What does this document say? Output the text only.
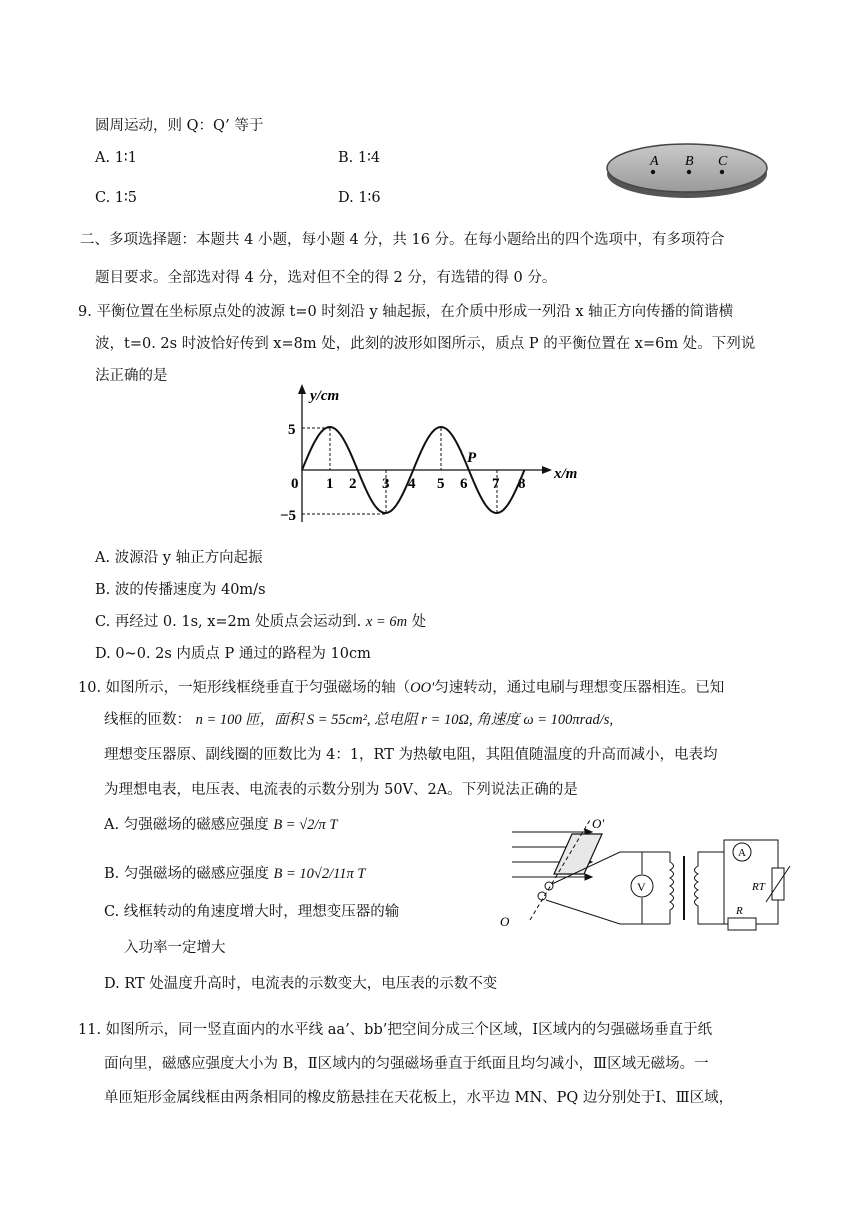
圆周运动，则 Q：Q’ 等于
A. 1∶1	B. 1∶4
C. 1∶5	D. 1∶6
A B C
二、多项选择题：本题共 4 小题，每小题 4 分，共 16 分。在每小题给出的四个选项中，有多项符合
题目要求。全部选对得 4 分，选对但不全的得 2 分，有选错的得 0 分。
9. 平衡位置在坐标原点处的波源 t=0 时刻沿 y 轴起振，在介质中形成一列沿 x 轴正方向传播的简谐横
波，t=0. 2s 时波恰好传到 x=8m 处，此刻的波形如图所示，质点 P 的平衡位置在 x=6m 处。下列说
法正确的是
y/cm
x/m
5
−5
0 1 2 3 4 5 6 7 8
P
A. 波源沿 y 轴正方向起振
B. 波的传播速度为 40m/s
C. 再经过 0. 1s, x=2m 处质点会运动到. x = 6m 处
D. 0~0. 2s 内质点 P 通过的路程为 10cm
10. 如图所示，一矩形线框绕垂直于匀强磁场的轴（OO′匀速转动，通过电刷与理想变压器相连。已知
线框的匝数： n = 100 匝，面积 S = 55cm², 总电阻 r = 10Ω, 角速度 ω = 100πrad/s,
理想变压器原、副线圈的匝数比为 4：1，RT 为热敏电阻，其阻值随温度的升高而减小，电表均
为理想电表，电压表、电流表的示数分别为 50V、2A。下列说法正确的是
A. 匀强磁场的磁感应强度 B = √2/π T
B. 匀强磁场的磁感应强度 B = 10√2/11π T
C. 线框转动的角速度增大时，理想变压器的输
入功率一定增大
D. RT 处温度升高时，电流表的示数变大，电压表的示数不变
O′
O
V
A
RT
R
11. 如图所示，同一竖直面内的水平线 aa’、bb’把空间分成三个区域，Ⅰ区域内的匀强磁场垂直于纸
面向里，磁感应强度大小为 B，Ⅱ区域内的匀强磁场垂直于纸面且均匀减小，Ⅲ区域无磁场。一
单匝矩形金属线框由两条相同的橡皮筋悬挂在天花板上，水平边 MN、PQ 边分别处于Ⅰ、Ⅲ区域，
